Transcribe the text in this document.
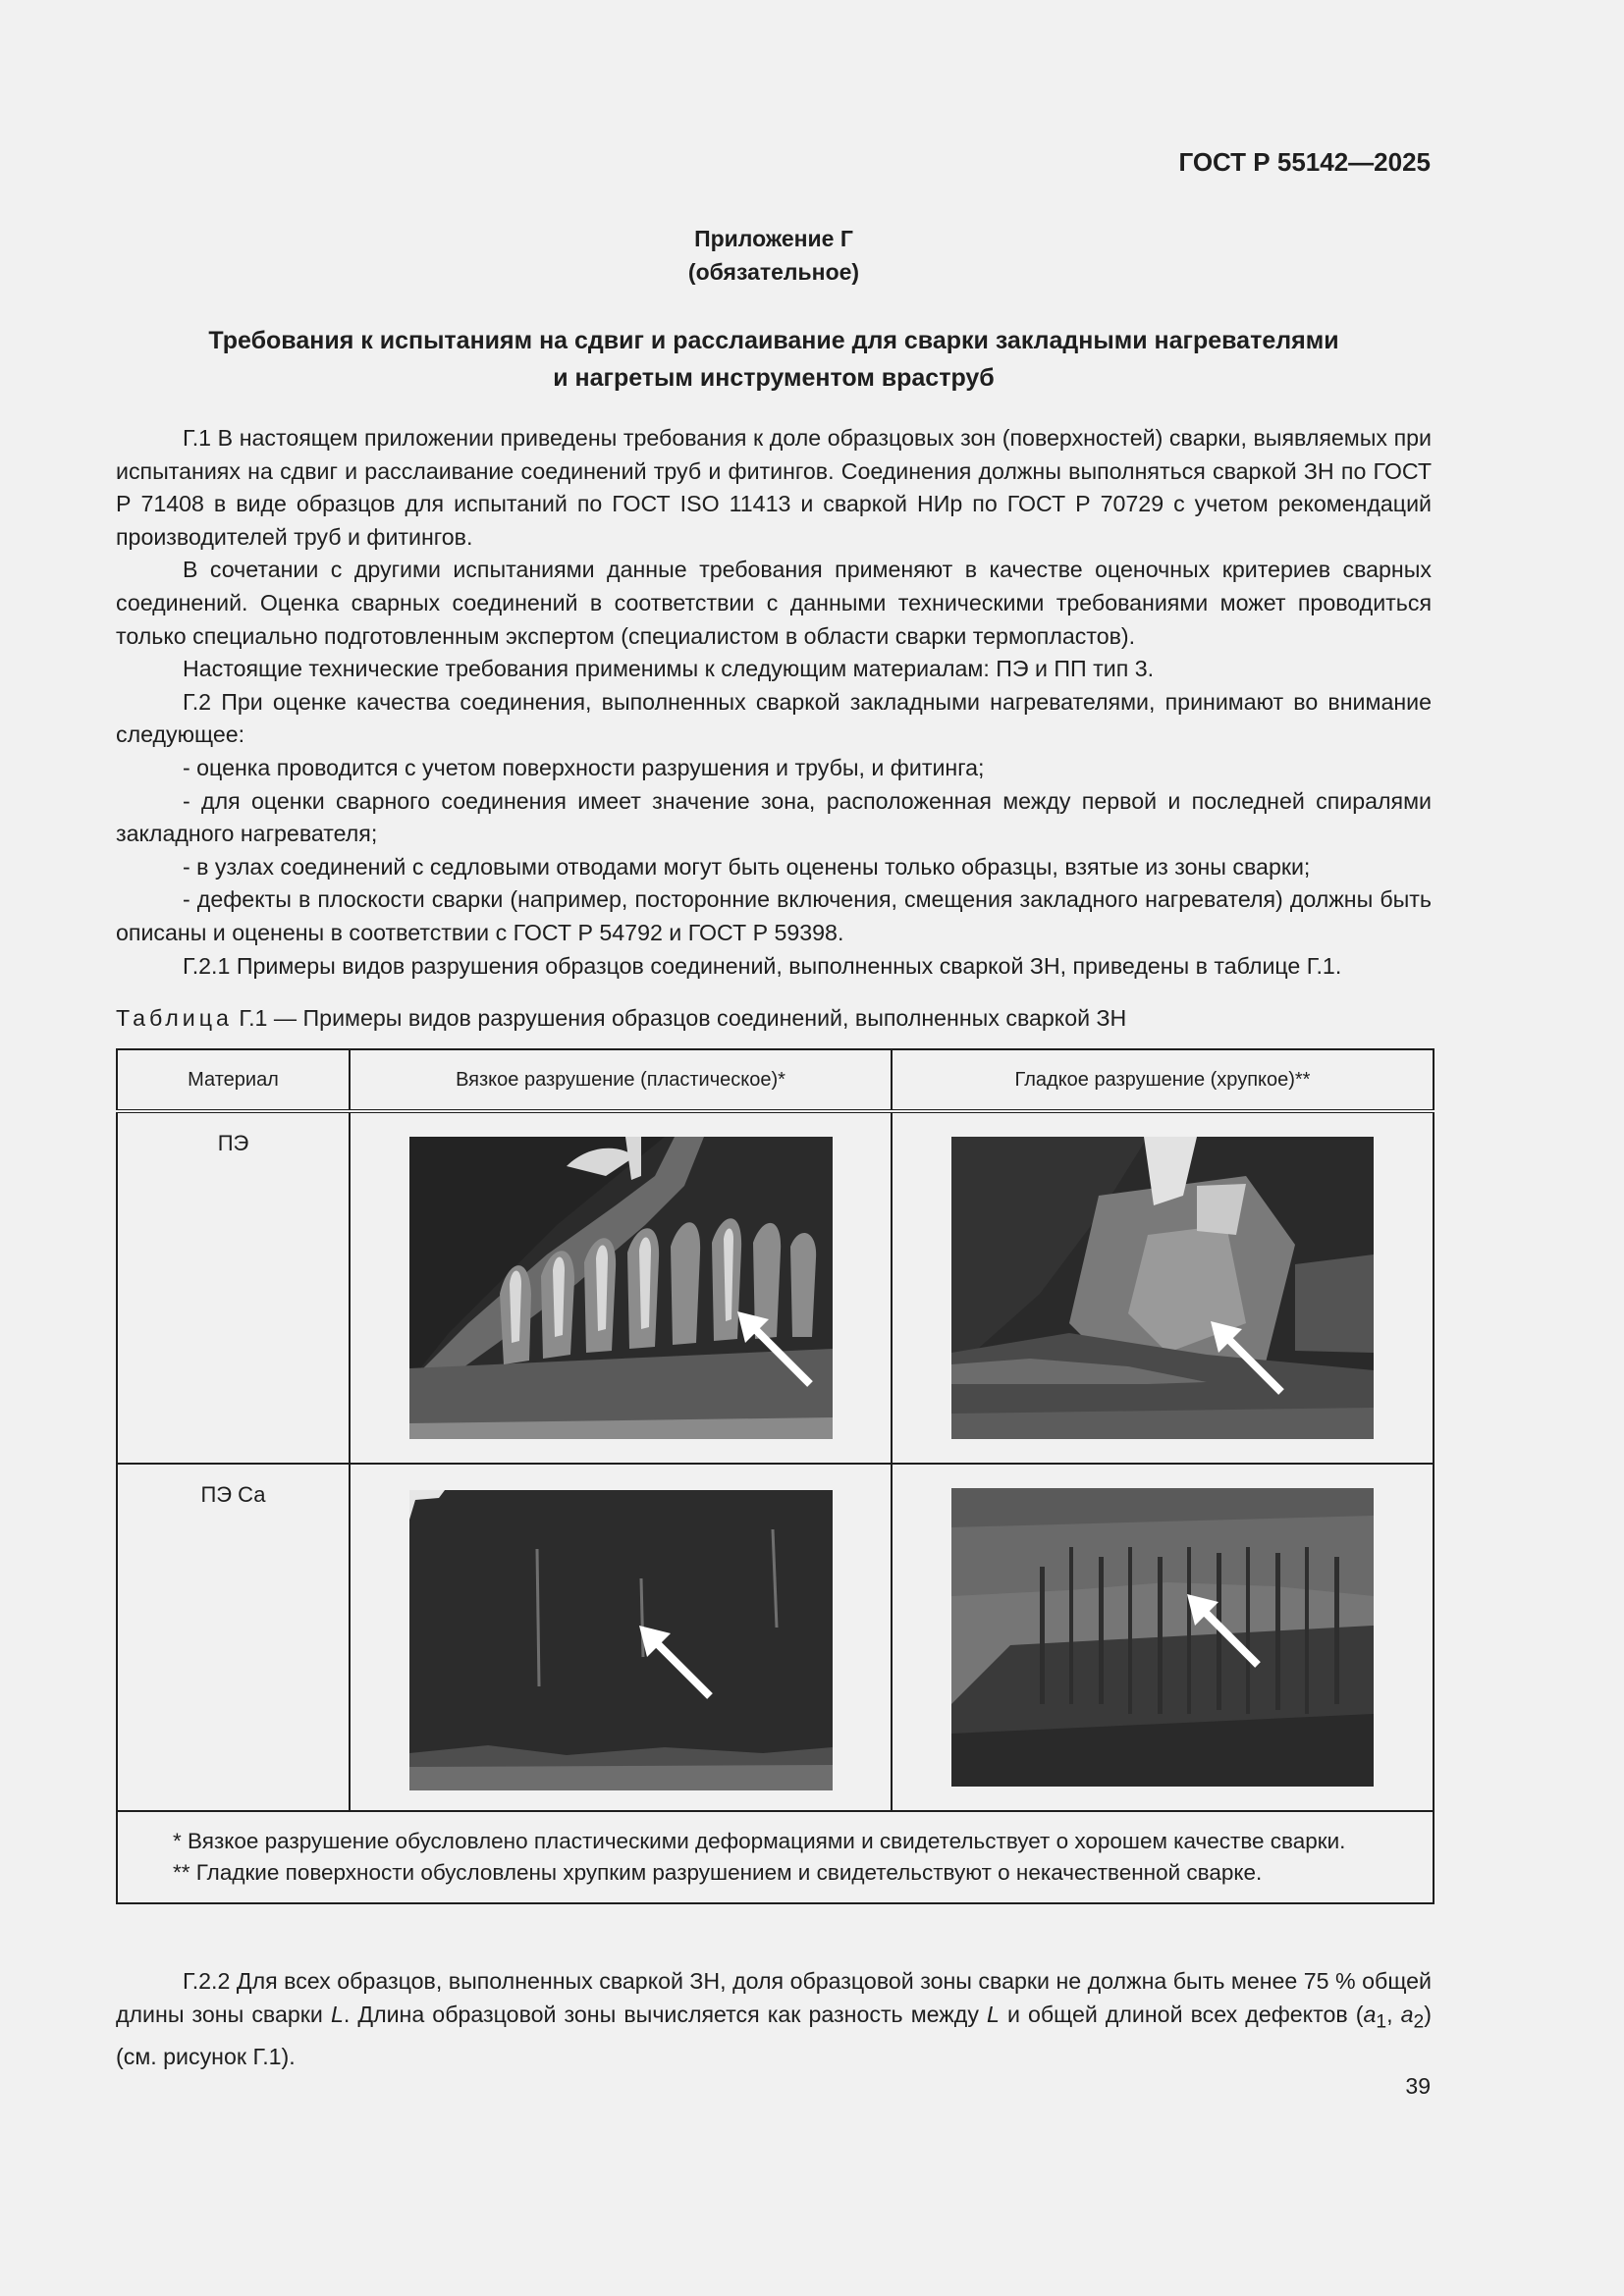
ГОСТ Р 55142—2025
Приложение Г
(обязательное)
Требования к испытаниям на сдвиг и расслаивание для сварки закладными нагревателями
и нагретым инструментом враструб

Г.1 В настоящем приложении приведены требования к доле образцовых зон (поверхностей) сварки, выявляемых при испытаниях на сдвиг и расслаивание соединений труб и фитингов. Соединения должны выполняться сваркой ЗН по ГОСТ Р 71408 в виде образцов для испытаний по ГОСТ ISO 11413 и сваркой НИр по ГОСТ Р 70729 с учетом рекомендаций производителей труб и фитингов.

В сочетании с другими испытаниями данные требования применяют в качестве оценочных критериев сварных соединений. Оценка сварных соединений в соответствии с данными техническими требованиями может проводиться только специально подготовленным экспертом (специалистом в области сварки термопластов).

Настоящие технические требования применимы к следующим материалам: ПЭ и ПП тип 3.

Г.2 При оценке качества соединения, выполненных сваркой закладными нагревателями, принимают во внимание следующее:

- оценка проводится с учетом поверхности разрушения и трубы, и фитинга;

- для оценки сварного соединения имеет значение зона, расположенная между первой и последней спиралями закладного нагревателя;

- в узлах соединений с седловыми отводами могут быть оценены только образцы, взятые из зоны сварки;

- дефекты в плоскости сварки (например, посторонние включения, смещения закладного нагревателя) должны быть описаны и оценены в соответствии с ГОСТ Р 54792 и ГОСТ Р 59398.

Г.2.1 Примеры видов разрушения образцов соединений, выполненных сваркой ЗН, приведены в таблице Г.1.

Таблица Г.1 — Примеры видов разрушения образцов соединений, выполненных сваркой ЗН
Материал	Вязкое разрушение (пластическое)*	Гладкое разрушение (хрупкое)**
ПЭ	

ПЭ Са	

* Вязкое разрушение обусловлено пластическими деформациями и свидетельствует о хорошем качестве сварки.

** Гладкие поверхности обусловлены хрупким разрушением и свидетельствуют о некачественной сварке.		

Г.2.2 Для всех образцов, выполненных сваркой ЗН, доля образцовой зоны сварки не должна быть менее 75 % общей длины зоны сварки L. Длина образцовой зоны вычисляется как разность между L и общей длиной всех дефектов ($a_1$, $a_2$) (см. рисунок Г.1).

39
